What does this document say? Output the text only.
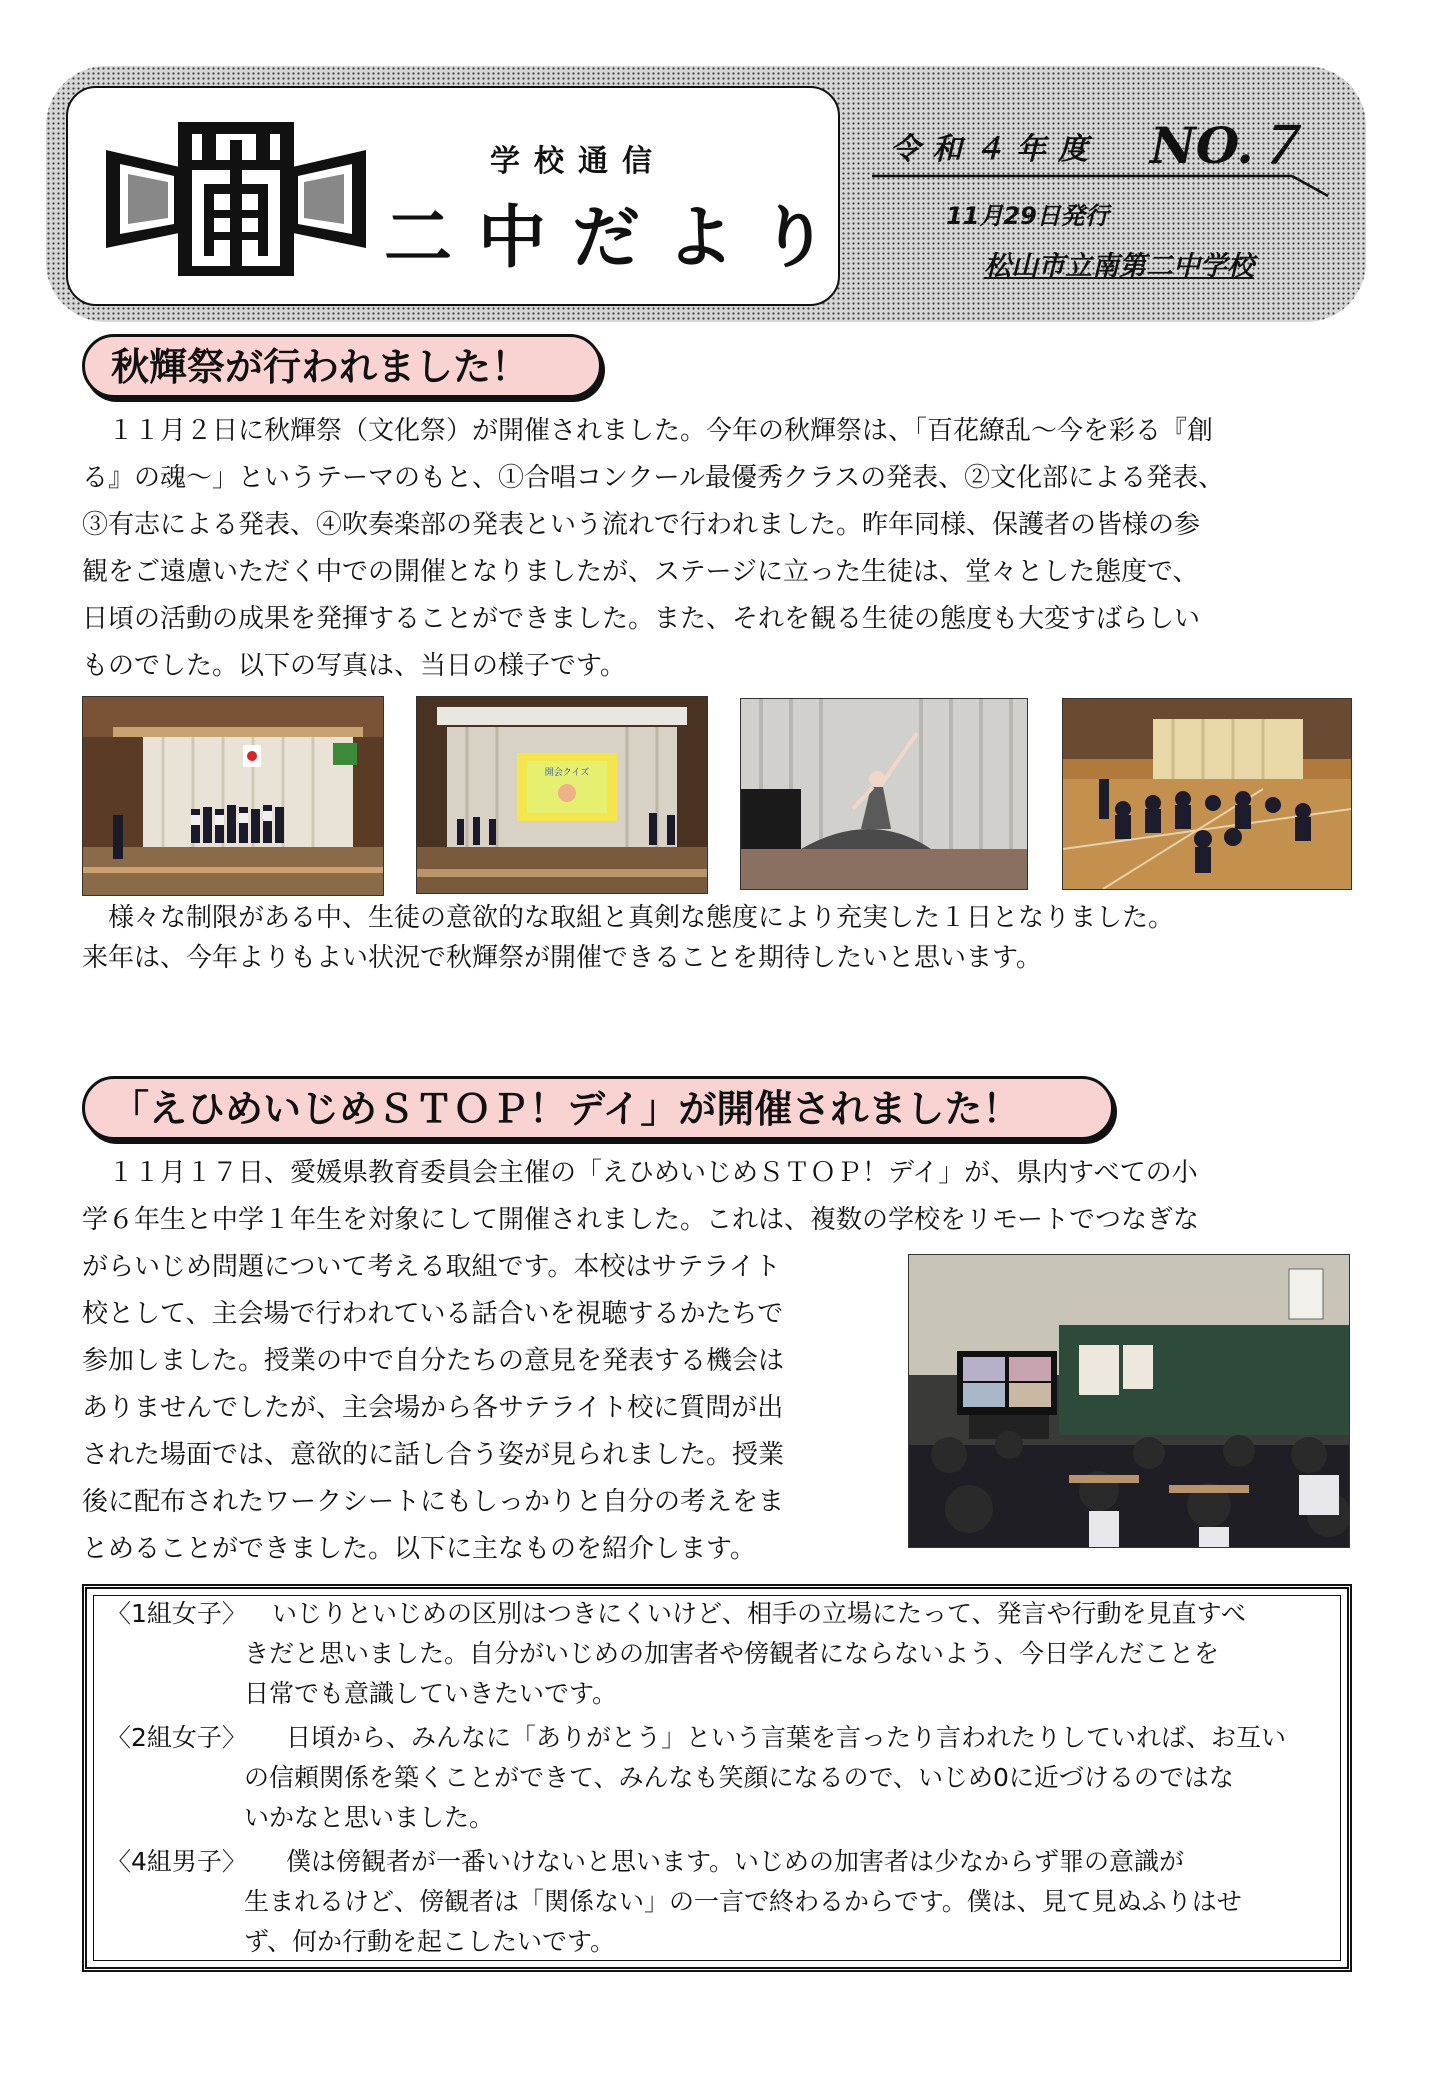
学校通信
二中だより
令和４年度 NO.７
11月29日発行
松山市立南第二中学校
秋輝祭が行われました！
　１１月２日に秋輝祭（文化祭）が開催されました。今年の秋輝祭は、「百花繚乱～今を彩る『創
る』の魂～」というテーマのもと、①合唱コンクール最優秀クラスの発表、②文化部による発表、
③有志による発表、④吹奏楽部の発表という流れで行われました。昨年同様、保護者の皆様の参
観をご遠慮いただく中での開催となりましたが、ステージに立った生徒は、堂々とした態度で、
日頃の活動の成果を発揮することができました。また、それを観る生徒の態度も大変すばらしい
ものでした。以下の写真は、当日の様子です。
開会クイズ
　様々な制限がある中、生徒の意欲的な取組と真剣な態度により充実した１日となりました。
来年は、今年よりもよい状況で秋輝祭が開催できることを期待したいと思います。
「えひめいじめＳＴＯＰ！デイ」が開催されました！
　１１月１７日、愛媛県教育委員会主催の「えひめいじめＳＴＯＰ！デイ」が、県内すべての小
学６年生と中学１年生を対象にして開催されました。これは、複数の学校をリモートでつなぎな
がらいじめ問題について考える取組です。本校はサテライト
校として、主会場で行われている話合いを視聴するかたちで
参加しました。授業の中で自分たちの意見を発表する機会は
ありませんでしたが、主会場から各サテライト校に質問が出
された場面では、意欲的に話し合う姿が見られました。授業
後に配布されたワークシートにもしっかりと自分の考えをま
とめることができました。以下に主なものを紹介します。
〈1組女子〉 いじりといじめの区別はつきにくいけど、相手の立場にたって、発言や行動を見直すべ
きだと思いました。自分がいじめの加害者や傍観者にならないよう、今日学んだことを
日常でも意識していきたいです。
〈2組女子〉 日頃から、みんなに「ありがとう」という言葉を言ったり言われたりしていれば、お互い
の信頼関係を築くことができて、みんなも笑顔になるので、いじめ0に近づけるのではな
いかなと思いました。
〈4組男子〉 僕は傍観者が一番いけないと思います。いじめの加害者は少なからず罪の意識が
生まれるけど、傍観者は「関係ない」の一言で終わるからです。僕は、見て見ぬふりはせ
ず、何か行動を起こしたいです。
